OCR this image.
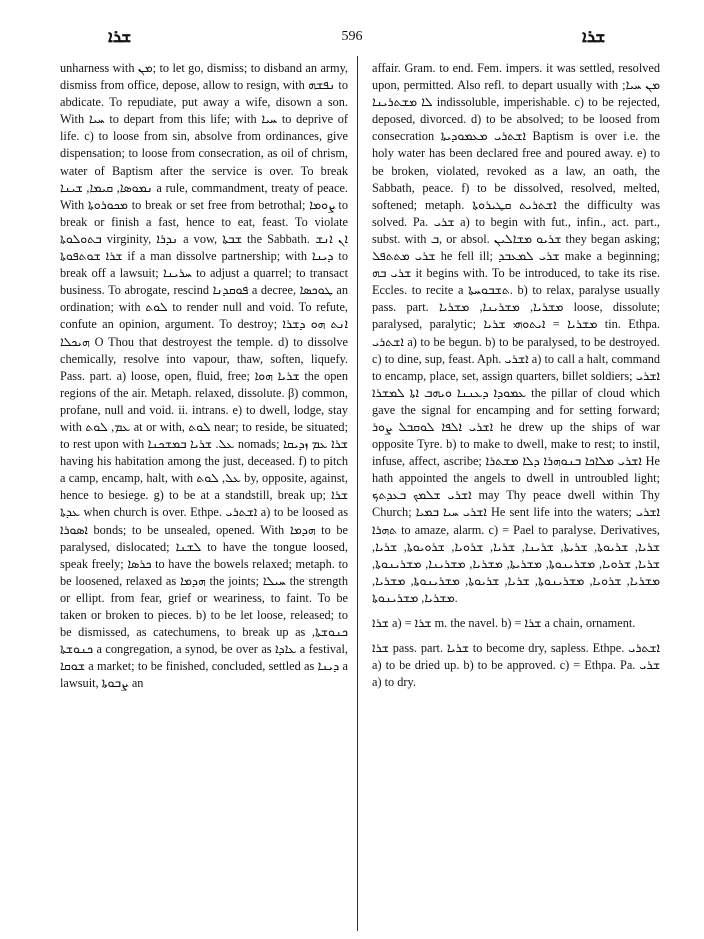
ܫܪܐ	596	ܫܪܐ

unharness with ܡܢ; to let go, dismiss; to disband an army, dismiss from office, depose, allow to resign, with ܢܦܫܗ to abdicate. To repudiate, put away a wife, disown a son. With ܚܝܐ to depart from this life; with ܚܝܐ to deprive of life. c) to loose from sin, absolve from ordinances, give dispensation; to loose from consecration, as oil of chrism, water of Baptism after the service is over. To break ܢܡܘܣܐ, ܩܝܡܐ, ܫܝܢܐ a rule, commandment, treaty of peace. With ܡܟܘܪܘܬܐ to break or set free from betrothal; ܨܘܡܐ to break or finish a fast, hence to eat, feast. To violate ܒܬܘܠܘܬܐ virginity, ܢܕܪܐ a vow, ܫܒܬܐ the Sabbath. ܐܢ ܐܢܫ ܫܪܐ ܫܘܬܦܘܬܐ if a man dissolve partnership; with ܕܝܢܐ to break off a lawsuit; ܚܪܝܢܐ to adjust a quarrel; to transact business. To abrogate, rescind ܦܘܩܕܢܐ a decree, ܛܘܟܣܐ an ordination; with ܠܘܬ to render null and void. To refute, confute an opinion, argument. To destroy; ܐܢܬ ܗܘ ܕܫܪܐ ܗܝܟܠܐ O Thou that destroyest the temple. d) to dissolve chemically, resolve into vapour, thaw, soften, liquefy. Pass. part. a) loose, open, fluid, free; ܫܪܝܐ ܗܘܐ the open regions of the air. Metaph. relaxed, dissolute. β) common, profane, null and void. ii. intrans. e) to dwell, lodge, stay with ܥܡ, ܠܘܬ at or with, ܠܘܬ near; to reside, be situated; to rest upon with ܥܠ. ܫܪܝܐ ܒܡܫܟܢܐ nomads; ܫܪܐ ܥܡ ܙܕܝܩܐ having his habitation among the just, deceased. f) to pitch a camp, encamp, halt, with ܥܠ, ܠܘܬ by, opposite, against, hence to besiege. g) to be at a standstill, break up; ܫܪܐ ܥܕܬܐ when church is over. Ethpe. ܐܫܬܪܝ a) to be loosed as ܐܣܘܪܐ bonds; to be unsealed, opened. With ܗܕܡܐ to be paralysed, dislocated; ܠܫܢܐ to have the tongue loosed, speak freely; ܟܪܣܐ to have the bowels relaxed; metaph. to be loosened, relaxed as ܗܕܡܐ the joints; ܚܝܠܐ the strength or ellipt. from fear, grief or weariness, to faint. To be taken or broken to pieces. b) to be let loose, released; to be dismissed, as catechumens, to break up as ܟܢܘܫܬܐ, ܟܢܘܫܬܐ a congregation, a synod, be over as ܥܐܕܐ a festival, ܫܘܩܐ a market; to be finished, concluded, settled as ܕܝܢܐ a lawsuit, ܨܒܘܬܐ an

affair. Gram. to end. Fem. impers. it was settled, resolved upon, permitted. Also refl. to depart usually with ܡܢ ܚܝܐ; ܠܐ ܡܫܬܪܝܢܐ indissoluble, imperishable. c) to be rejected, deposed, divorced. d) to be absolved; to be loosed from consecration ܐܫܬܪܝ ܡܥܡܘܕܝܬܐ Baptism is over i.e. the holy water has been declared free and poured away. e) to be broken, violated, revoked as a law, an oath, the Sabbath, peace. f) to be dissolved, resolved, melted, softened; metaph. ܐܫܬܪܝܬ ܩܛܝܪܘܬܐ the difficulty was solved. Pa. ܫܪܝ a) to begin with fut., infin., act. part., subst. with ܒ, or absol. ܫܪܝܘ ܡܫܐܠܝܢ they began asking; ܫܪܝ ܡܬܬܦܠ he fell ill; ܫܪܝ ܠܡܥܒܕ make a beginning; ܫܪܝ ܒܗ it begins with. To be introduced, to take its rise. Eccles. to recite a ܬܫܒܘܚܬܐ. b) to relax, paralyse usually pass. part. ܡܫܪܝܐ, ܡܫܪܝܢܐ, ܡܫܪܝܐ loose, dissolute; paralysed, paralytic; ܡܫܪܝܐ = ܐܝܬܘܗܝ ܫܪܝܐ tin. Ethpa. ܐܫܬܪܝ a) to be begun. b) to be paralysed, to be destroyed. c) to dine, sup, feast. Aph. ܐܫܪܝ a) to call a halt, command to encamp, place, set, assign quarters, billet soldiers; ܐܫܪܝ ܥܡܘܕܐ ܕܥܢܢܐ ܘܝܗܒ ܐܬܐ ܠܡܫܪܐ the pillar of cloud which gave the signal for encamping and for setting forward; ܐܫܪܝ ܐܠܦܐ ܠܘܩܒܠ ܨܘܪ he drew up the ships of war opposite Tyre. b) to make to dwell, make to rest; to instil, infuse, affect, ascribe; ܐܫܪܝ ܡܠܐܟܐ ܒܢܘܗܪܐ ܕܠܐ ܡܫܬܪܐ He hath appointed the angels to dwell in untroubled light; ܐܫܪܝ ܫܠܡܟ ܒܥܕܬܟ may Thy peace dwell within Thy Church; ܐܫܪܝ ܚܝܐ ܒܡܝܐ He sent life into the waters; ܐܫܪܝ ܬܗܪܐ to amaze, alarm. c) = Pael to paralyse. Derivatives, ܫܪܝܐ, ܫܪܝܘܬܐ, ܫܪܝܬܐ, ܫܪܝܢܐ, ܫܪܝܐ, ܫܪܘܝܐ, ܫܪܘܝܘܬܐ, ܫܪܝܐ, ܫܪܝܐ, ܫܪܘܝܐ, ܡܫܪܝܢܘܬܐ, ܡܫܪܝܬܐ, ܡܫܪܝܐ, ܡܫܪܝܢܐ, ܡܫܪܝܢܘܬܐ, ܡܫܪܝܐ, ܫܪܘܝܐ, ܡܫܪܝܢܘܬܐ, ܫܪܝܐ, ܫܪܝܘܬܐ, ܡܫܪܝܢܘܬܐ, ܡܫܪܝܐ, ܡܫܪܝܐ, ܡܫܪܝܢܘܬܐ.

ܫܪܐ a) = ܫܪܐ m. the navel. b) = ܫܪܐ a chain, ornament.

ܫܪܐ pass. part. ܫܪܝܐ to become dry, sapless. Ethpe. ܐܫܬܪܝ a) to be dried up. b) to be approved. c) = Ethpa. Pa. ܫܪܝ a) to dry.
